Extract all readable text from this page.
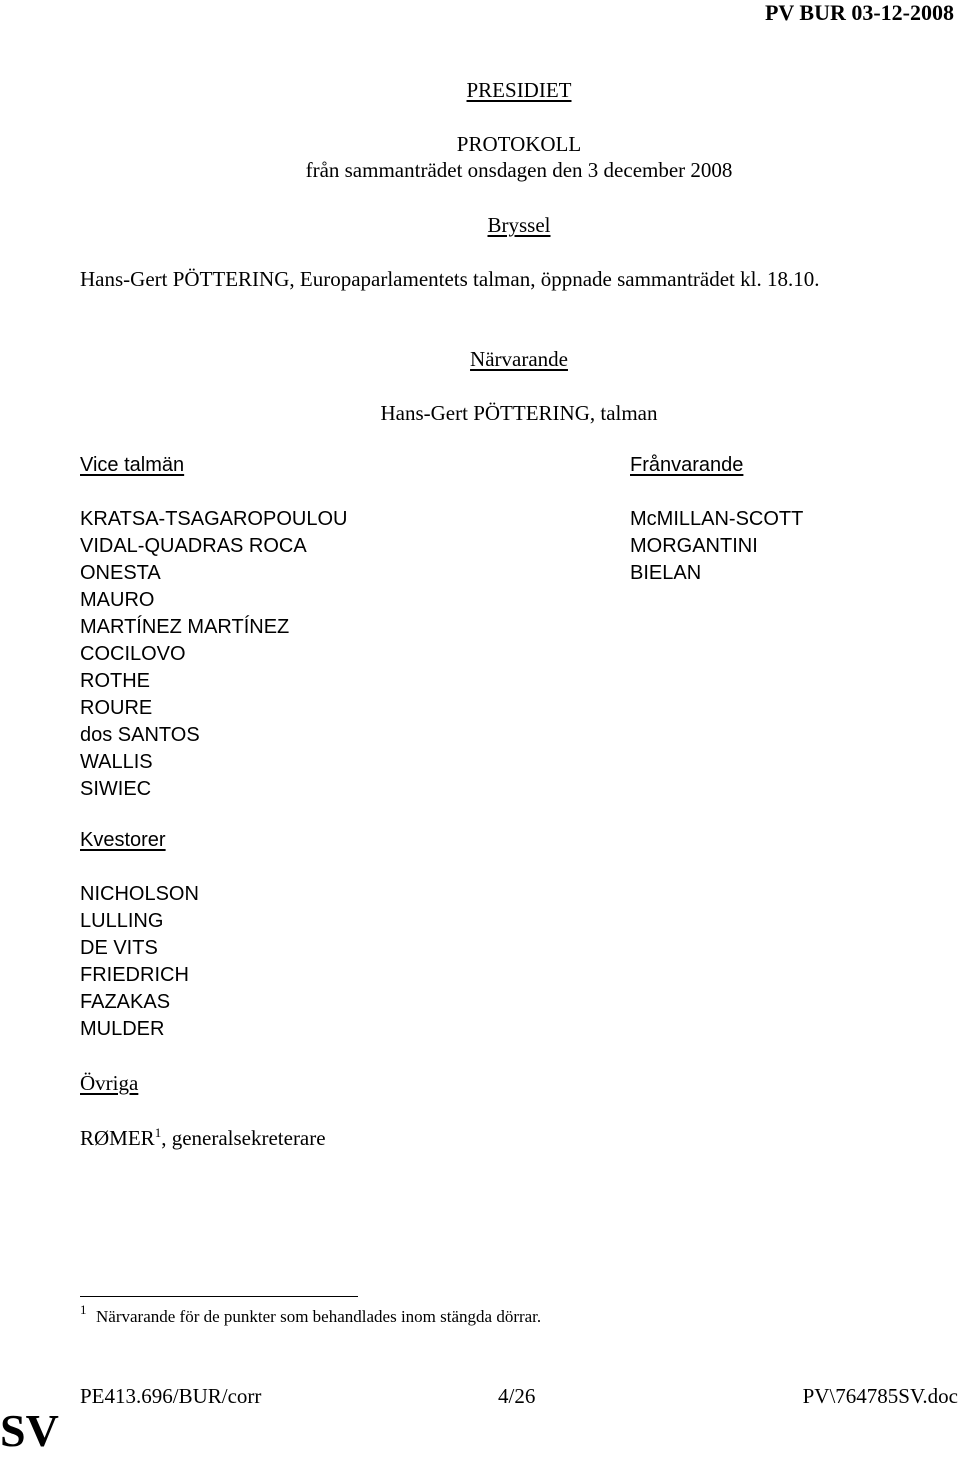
PV BUR 03-12-2008
PRESIDIET
PROTOKOLL
från sammanträdet onsdagen den 3 december 2008
Bryssel
Hans-Gert PÖTTERING, Europaparlamentets talman, öppnade sammanträdet kl. 18.10.
Närvarande
Hans-Gert PÖTTERING, talman
Vice talmän
KRATSA-TSAGAROPOULOU
VIDAL-QUADRAS ROCA
ONESTA
MAURO
MARTÍNEZ MARTÍNEZ
COCILOVO
ROTHE
ROURE
dos SANTOS
WALLIS
SIWIEC
Frånvarande
McMILLAN-SCOTT
MORGANTINI
BIELAN
Kvestorer
NICHOLSON
LULLING
DE VITS
FRIEDRICH
FAZAKAS
MULDER
Övriga
RØMER$^1$, generalsekreterare
1 Närvarande för de punkter som behandlades inom stängda dörrar.
PE413.696/BUR/corr	4/26	PV\764785SV.doc
SV
